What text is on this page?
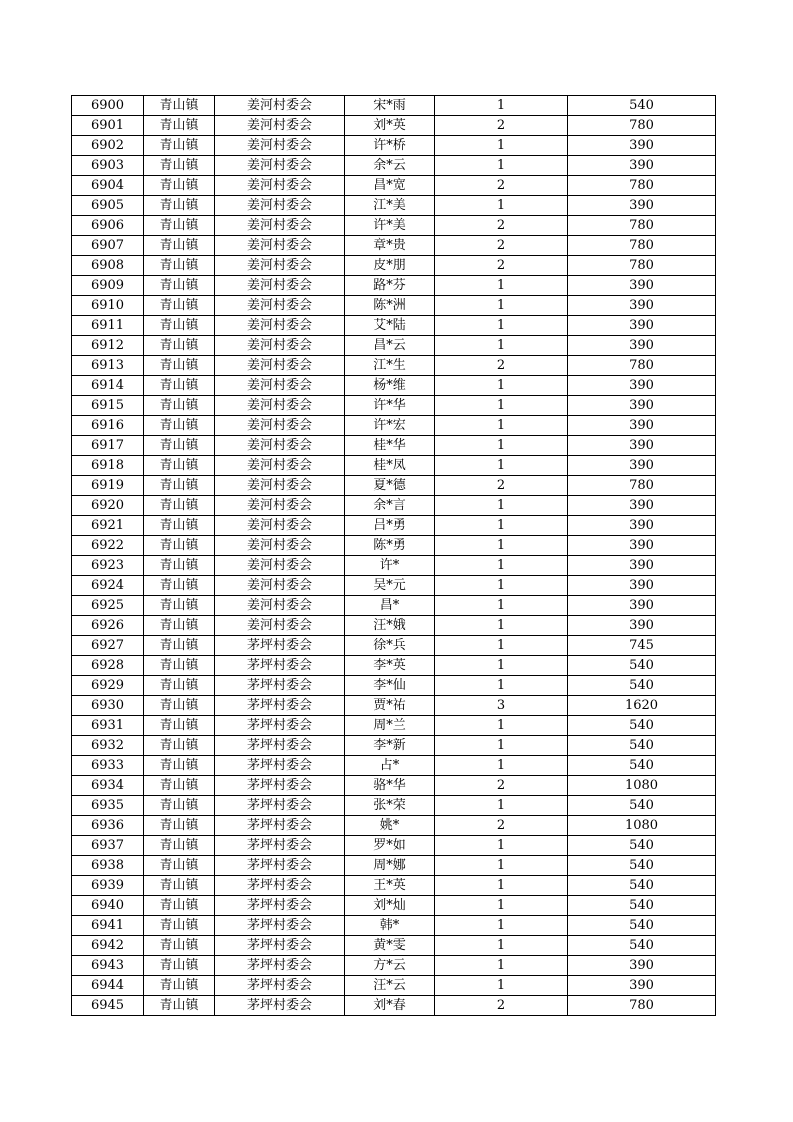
6900	青山镇	姜河村委会	宋*雨	1	540
6901	青山镇	姜河村委会	刘*英	2	780
6902	青山镇	姜河村委会	许*桥	1	390
6903	青山镇	姜河村委会	余*云	1	390
6904	青山镇	姜河村委会	昌*宽	2	780
6905	青山镇	姜河村委会	江*美	1	390
6906	青山镇	姜河村委会	许*美	2	780
6907	青山镇	姜河村委会	章*贵	2	780
6908	青山镇	姜河村委会	皮*朋	2	780
6909	青山镇	姜河村委会	路*芬	1	390
6910	青山镇	姜河村委会	陈*洲	1	390
6911	青山镇	姜河村委会	艾*陆	1	390
6912	青山镇	姜河村委会	昌*云	1	390
6913	青山镇	姜河村委会	江*生	2	780
6914	青山镇	姜河村委会	杨*维	1	390
6915	青山镇	姜河村委会	许*华	1	390
6916	青山镇	姜河村委会	许*宏	1	390
6917	青山镇	姜河村委会	桂*华	1	390
6918	青山镇	姜河村委会	桂*凤	1	390
6919	青山镇	姜河村委会	夏*德	2	780
6920	青山镇	姜河村委会	余*言	1	390
6921	青山镇	姜河村委会	吕*勇	1	390
6922	青山镇	姜河村委会	陈*勇	1	390
6923	青山镇	姜河村委会	许*	1	390
6924	青山镇	姜河村委会	吴*元	1	390
6925	青山镇	姜河村委会	昌*	1	390
6926	青山镇	姜河村委会	汪*娥	1	390
6927	青山镇	茅坪村委会	徐*兵	1	745
6928	青山镇	茅坪村委会	李*英	1	540
6929	青山镇	茅坪村委会	李*仙	1	540
6930	青山镇	茅坪村委会	贾*祐	3	1620
6931	青山镇	茅坪村委会	周*兰	1	540
6932	青山镇	茅坪村委会	李*新	1	540
6933	青山镇	茅坪村委会	占*	1	540
6934	青山镇	茅坪村委会	骆*华	2	1080
6935	青山镇	茅坪村委会	张*荣	1	540
6936	青山镇	茅坪村委会	姚*	2	1080
6937	青山镇	茅坪村委会	罗*如	1	540
6938	青山镇	茅坪村委会	周*娜	1	540
6939	青山镇	茅坪村委会	王*英	1	540
6940	青山镇	茅坪村委会	刘*灿	1	540
6941	青山镇	茅坪村委会	韩*	1	540
6942	青山镇	茅坪村委会	黄*雯	1	540
6943	青山镇	茅坪村委会	方*云	1	390
6944	青山镇	茅坪村委会	汪*云	1	390
6945	青山镇	茅坪村委会	刘*春	2	780
